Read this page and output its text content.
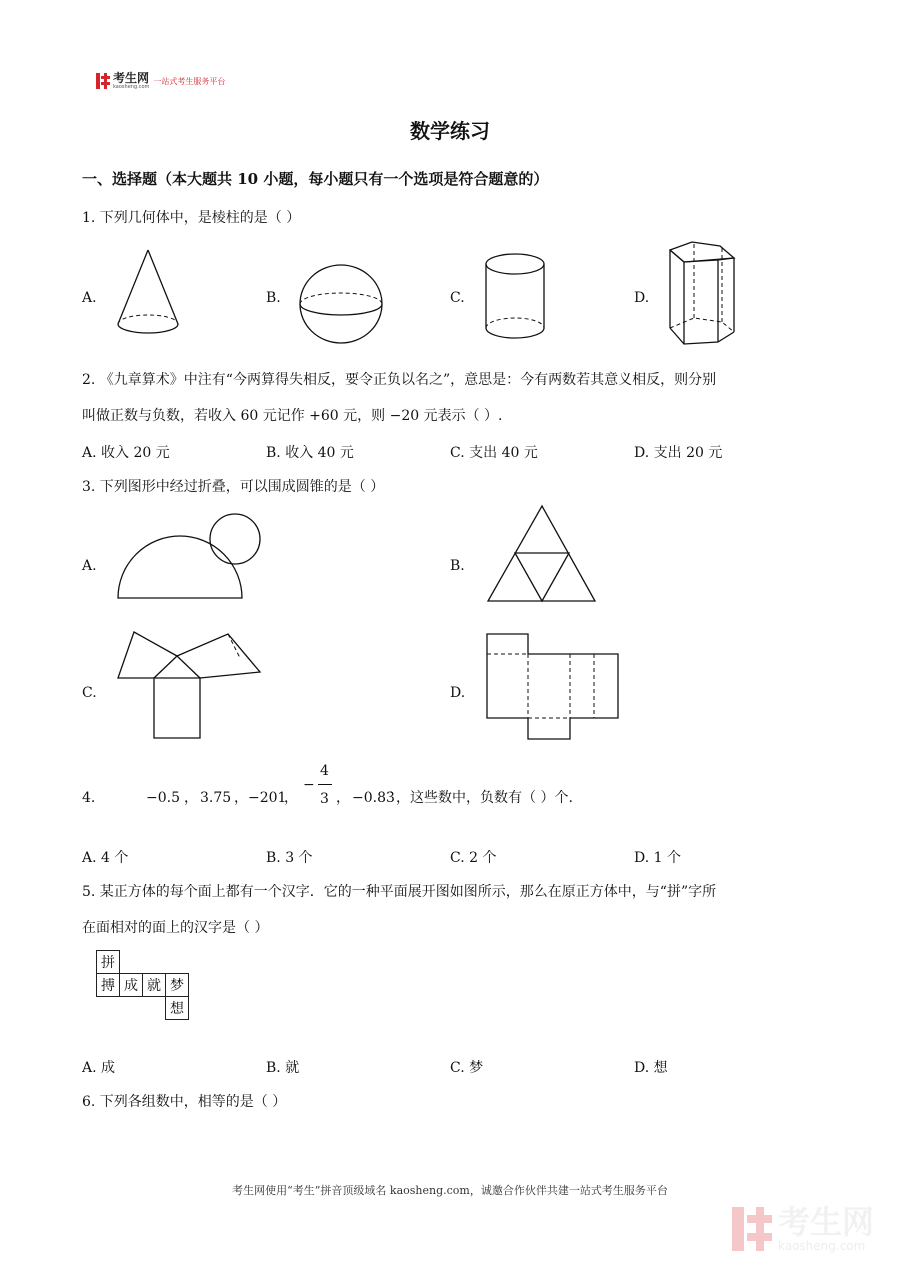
考生网
kaosheng.com
一站式考生服务平台
数学练习
一、选择题（本大题共 10 小题，每小题只有一个选项是符合题意的）
1. 下列几何体中，是棱柱的是（ ）
A.	B.	C.	D.
2. 《九章算术》中注有“今两算得失相反，要令正负以名之”，意思是：今有两数若其意义相反，则分别
叫做正数与负数，若收入 60 元记作 +60 元，则 −20 元表示（ ）.
A. 收入 20 元	B. 收入 40 元	C. 支出 40 元	D. 支出 20 元
3. 下列图形中经过折叠，可以围成圆锥的是（ ）
A.	B.
C.	D.
4.	−0.5 ， 3.75 ， −201
，
−
4
3 ， −0.83̇ ，这些数中，负数有（ ）个.
A. 4 个	B. 3 个	C. 2 个	D. 1 个
5. 某正方体的每个面上都有一个汉字．它的一种平面展开图如图所示，那么在原正方体中，与“拼”字所
在面相对的面上的汉字是（ ）
拼			
搏	成	就	梦
			想
A. 成	B. 就	C. 梦	D. 想
6. 下列各组数中，相等的是（ ）
考生网使用“考生”拼音顶级域名 kaosheng.com，诚邀合作伙伴共建一站式考生服务平台
考生网
kaosheng.com
